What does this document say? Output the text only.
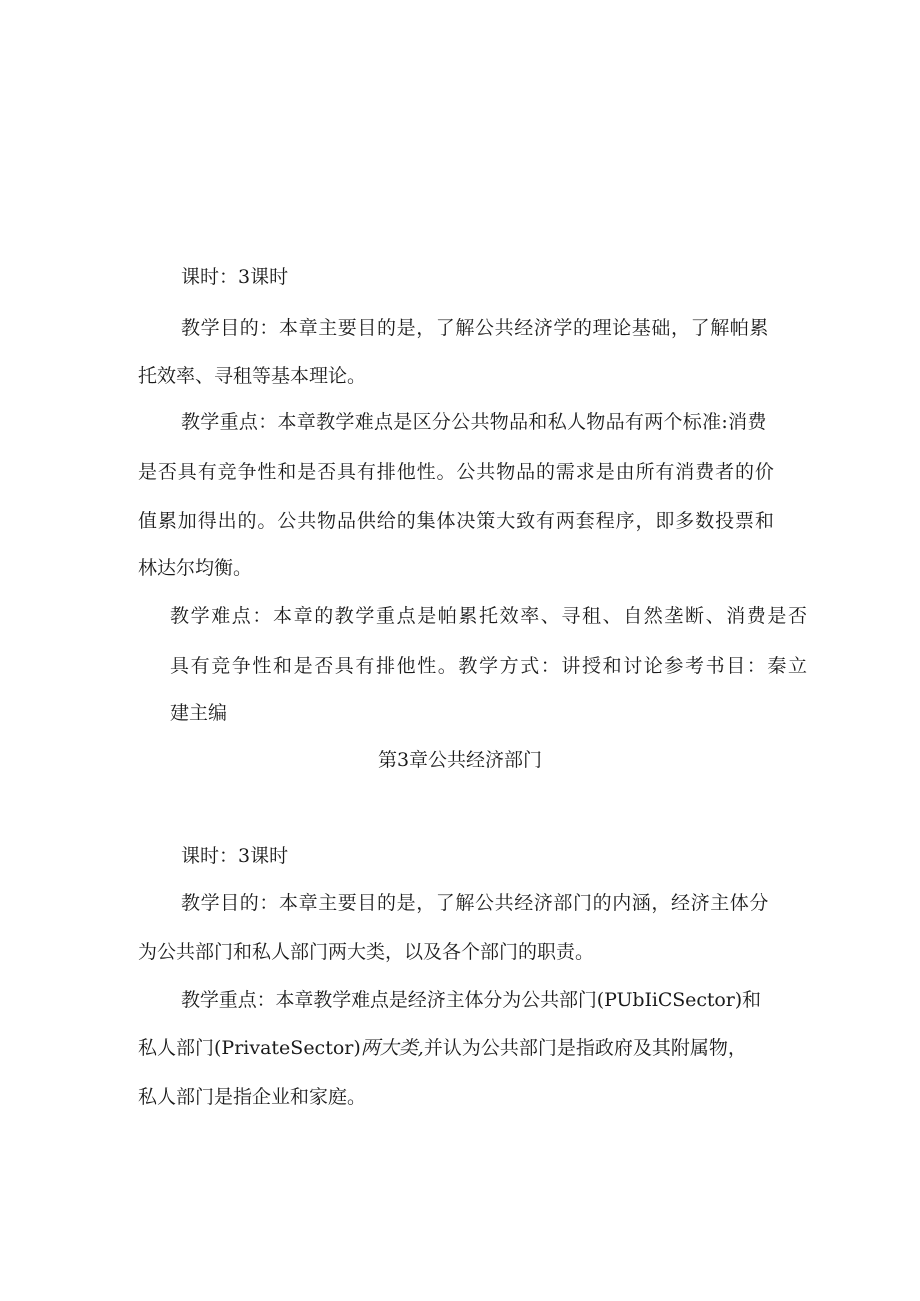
课时：3课时
教学目的：本章主要目的是，了解公共经济学的理论基础，了解帕累
托效率、寻租等基本理论。
教学重点：本章教学难点是区分公共物品和私人物品有两个标准:消费
是否具有竞争性和是否具有排他性。公共物品的需求是由所有消费者的价
值累加得出的。公共物品供给的集体决策大致有两套程序，即多数投票和
林达尔均衡。
教学难点：本章的教学重点是帕累托效率、寻租、自然垄断、消费是否
具有竞争性和是否具有排他性。教学方式：讲授和讨论参考书目：秦立
建主编
第3章公共经济部门
课时：3课时
教学目的：本章主要目的是，了解公共经济部门的内涵，经济主体分
为公共部门和私人部门两大类，以及各个部门的职责。
教学重点：本章教学难点是经济主体分为公共部门(PUbIiCSector)和
私人部门(PrivateSector)两大类,并认为公共部门是指政府及其附属物，
私人部门是指企业和家庭。
